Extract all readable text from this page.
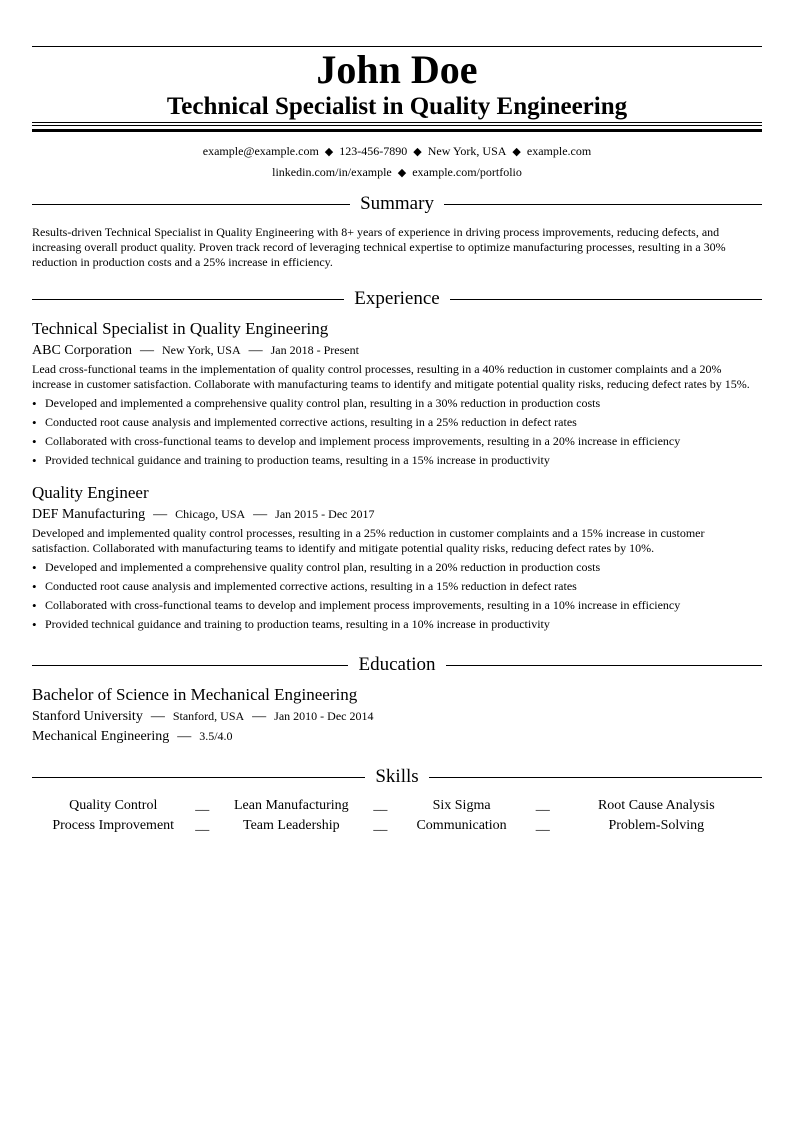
John Doe
Technical Specialist in Quality Engineering
example@example.com ◆ 123-456-7890 ◆ New York, USA ◆ example.com
linkedin.com/in/example ◆ example.com/portfolio
Summary
Results-driven Technical Specialist in Quality Engineering with 8+ years of experience in driving process improvements, reducing defects, and increasing overall product quality. Proven track record of leveraging technical expertise to optimize manufacturing processes, resulting in a 30% reduction in production costs and a 25% increase in efficiency.
Experience
Technical Specialist in Quality Engineering
ABC Corporation — New York, USA — Jan 2018 - Present
Lead cross-functional teams in the implementation of quality control processes, resulting in a 40% reduction in customer complaints and a 20% increase in customer satisfaction. Collaborate with manufacturing teams to identify and mitigate potential quality risks, reducing defect rates by 15%.
• Developed and implemented a comprehensive quality control plan, resulting in a 30% reduction in production costs
• Conducted root cause analysis and implemented corrective actions, resulting in a 25% reduction in defect rates
• Collaborated with cross-functional teams to develop and implement process improvements, resulting in a 20% increase in efficiency
• Provided technical guidance and training to production teams, resulting in a 15% increase in productivity
Quality Engineer
DEF Manufacturing — Chicago, USA — Jan 2015 - Dec 2017
Developed and implemented quality control processes, resulting in a 25% reduction in customer complaints and a 15% increase in customer satisfaction. Collaborated with manufacturing teams to identify and mitigate potential quality risks, reducing defect rates by 10%.
• Developed and implemented a comprehensive quality control plan, resulting in a 20% reduction in production costs
• Conducted root cause analysis and implemented corrective actions, resulting in a 15% reduction in defect rates
• Collaborated with cross-functional teams to develop and implement process improvements, resulting in a 10% increase in efficiency
• Provided technical guidance and training to production teams, resulting in a 10% increase in productivity
Education
Bachelor of Science in Mechanical Engineering
Stanford University — Stanford, USA — Jan 2010 - Dec 2014
Mechanical Engineering — 3.5/4.0
Skills
Quality Control	__	Lean Manufacturing	__	Six Sigma	__	Root Cause Analysis
Process Improvement	__	Team Leadership	__	Communication	__	Problem-Solving
